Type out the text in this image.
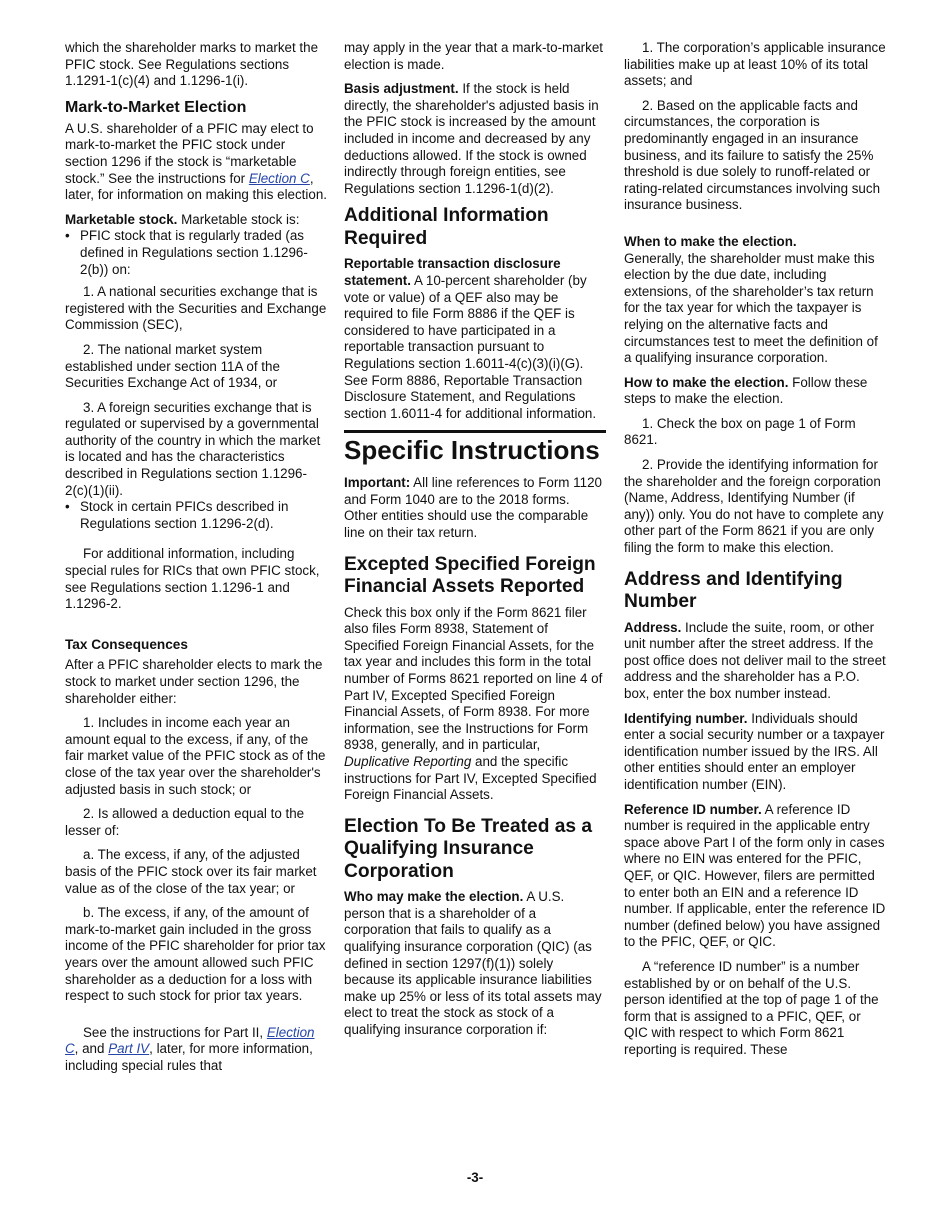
which the shareholder marks to market the PFIC stock. See Regulations sections 1.1291-1(c)(4) and 1.1296-1(i).

Mark-to-Market Election

A U.S. shareholder of a PFIC may elect to mark-to-market the PFIC stock under section 1296 if the stock is “marketable stock.” See the instructions for Election C, later, for information on making this election.

Marketable stock. Marketable stock is:

• PFIC stock that is regularly traded (as defined in Regulations section 1.1296-2(b)) on:

1. A national securities exchange that is registered with the Securities and Exchange Commission (SEC),

2. The national market system established under section 11A of the Securities Exchange Act of 1934, or

3. A foreign securities exchange that is regulated or supervised by a governmental authority of the country in which the market is located and has the characteristics described in Regulations section 1.1296-2(c)(1)(ii).

• Stock in certain PFICs described in Regulations section 1.1296-2(d).

For additional information, including special rules for RICs that own PFIC stock, see Regulations section 1.1296-1 and 1.1296-2.

Tax Consequences

After a PFIC shareholder elects to mark the stock to market under section 1296, the shareholder either:

1. Includes in income each year an amount equal to the excess, if any, of the fair market value of the PFIC stock as of the close of the tax year over the shareholder's adjusted basis in such stock; or

2. Is allowed a deduction equal to the lesser of:

a. The excess, if any, of the adjusted basis of the PFIC stock over its fair market value as of the close of the tax year; or

b. The excess, if any, of the amount of mark-to-market gain included in the gross income of the PFIC shareholder for prior tax years over the amount allowed such PFIC shareholder as a deduction for a loss with respect to such stock for prior tax years.

See the instructions for Part II, Election C, and Part IV, later, for more information, including special rules that

may apply in the year that a mark-to-market election is made.

Basis adjustment. If the stock is held directly, the shareholder's adjusted basis in the PFIC stock is increased by the amount included in income and decreased by any deductions allowed. If the stock is owned indirectly through foreign entities, see Regulations section 1.1296-1(d)(2).

Additional Information Required

Reportable transaction disclosure statement. A 10-percent shareholder (by vote or value) of a QEF also may be required to file Form 8886 if the QEF is considered to have participated in a reportable transaction pursuant to Regulations section 1.6011-4(c)(3)(i)(G). See Form 8886, Reportable Transaction Disclosure Statement, and Regulations section 1.6011-4 for additional information.

Specific Instructions

Important: All line references to Form 1120 and Form 1040 are to the 2018 forms. Other entities should use the comparable line on their tax return.

Excepted Specified Foreign Financial Assets Reported

Check this box only if the Form 8621 filer also files Form 8938, Statement of Specified Foreign Financial Assets, for the tax year and includes this form in the total number of Forms 8621 reported on line 4 of Part IV, Excepted Specified Foreign Financial Assets, of Form 8938. For more information, see the Instructions for Form 8938, generally, and in particular, Duplicative Reporting and the specific instructions for Part IV, Excepted Specified Foreign Financial Assets.

Election To Be Treated as a Qualifying Insurance Corporation

Who may make the election. A U.S. person that is a shareholder of a corporation that fails to qualify as a qualifying insurance corporation (QIC) (as defined in section 1297(f)(1)) solely because its applicable insurance liabilities make up 25% or less of its total assets may elect to treat the stock as stock of a qualifying insurance corporation if:

1. The corporation’s applicable insurance liabilities make up at least 10% of its total assets; and

2. Based on the applicable facts and circumstances, the corporation is predominantly engaged in an insurance business, and its failure to satisfy the 25% threshold is due solely to runoff-related or rating-related circumstances involving such insurance business.

When to make the election.
Generally, the shareholder must make this election by the due date, including extensions, of the shareholder’s tax return for the tax year for which the taxpayer is relying on the alternative facts and circumstances test to meet the definition of a qualifying insurance corporation.

How to make the election. Follow these steps to make the election.

1. Check the box on page 1 of Form 8621.

2. Provide the identifying information for the shareholder and the foreign corporation (Name, Address, Identifying Number (if any)) only. You do not have to complete any other part of the Form 8621 if you are only filing the form to make this election.

Address and Identifying Number

Address. Include the suite, room, or other unit number after the street address. If the post office does not deliver mail to the street address and the shareholder has a P.O. box, enter the box number instead.

Identifying number. Individuals should enter a social security number or a taxpayer identification number issued by the IRS. All other entities should enter an employer identification number (EIN).

Reference ID number. A reference ID number is required in the applicable entry space above Part I of the form only in cases where no EIN was entered for the PFIC, QEF, or QIC. However, filers are permitted to enter both an EIN and a reference ID number. If applicable, enter the reference ID number (defined below) you have assigned to the PFIC, QEF, or QIC.

A “reference ID number” is a number established by or on behalf of the U.S. person identified at the top of page 1 of the form that is assigned to a PFIC, QEF, or QIC with respect to which Form 8621 reporting is required. These

-3-
